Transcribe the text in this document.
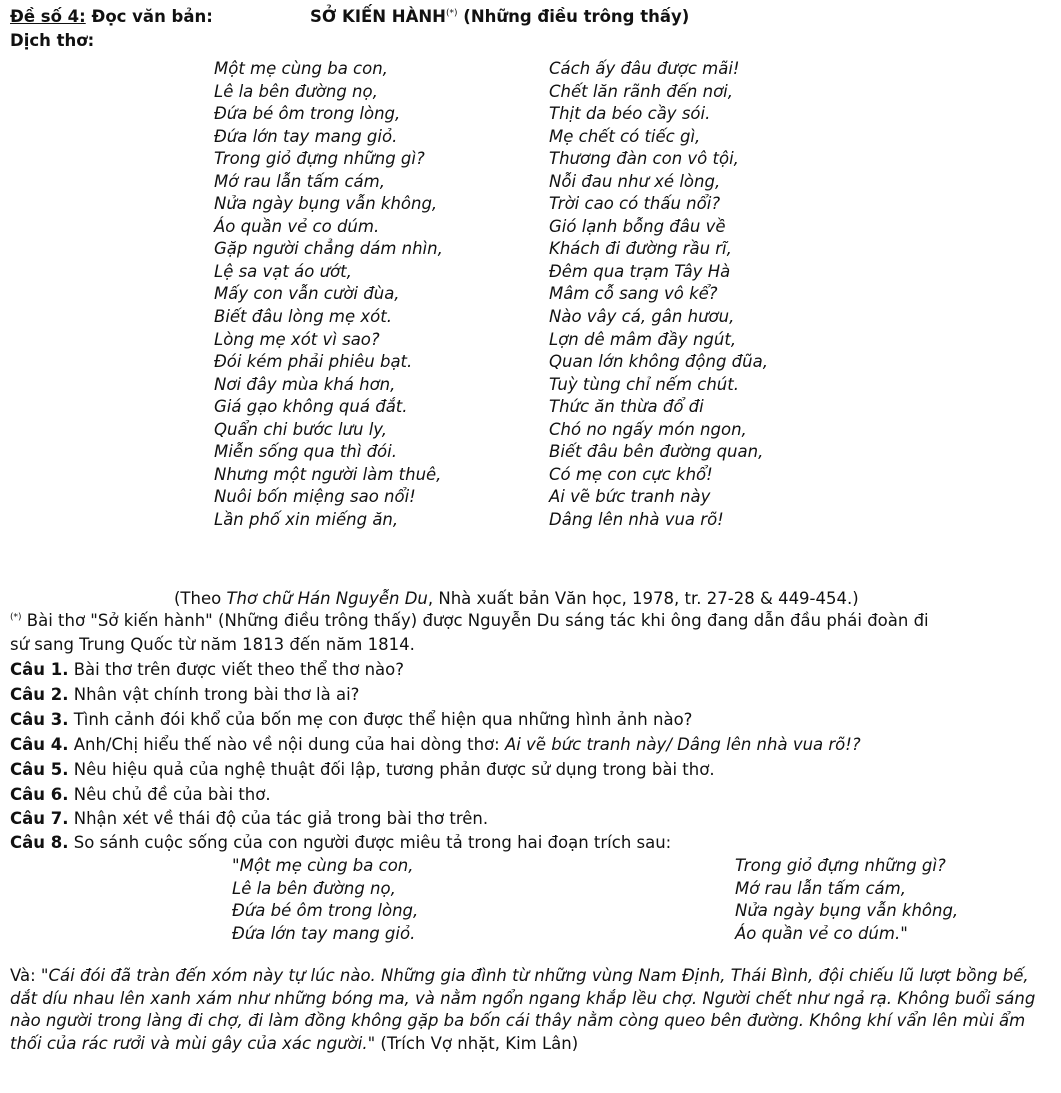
Đề số 4: Đọc văn bản:	SỞ KIẾN HÀNH(*) (Những điều trông thấy)
Dịch thơ:
Một mẹ cùng ba con,
Lê la bên đường nọ,
Đứa bé ôm trong lòng,
Đứa lớn tay mang giỏ.
Trong giỏ đựng những gì?
Mớ rau lẫn tấm cám,
Nửa ngày bụng vẫn không,
Áo quần vẻ co dúm.
Gặp người chẳng dám nhìn,
Lệ sa vạt áo ướt,
Mấy con vẫn cười đùa,
Biết đâu lòng mẹ xót.
Lòng mẹ xót vì sao?
Đói kém phải phiêu bạt.
Nơi đây mùa khá hơn,
Giá gạo không quá đắt.
Quẩn chi bước lưu ly,
Miễn sống qua thì đói.
Nhưng một người làm thuê,
Nuôi bốn miệng sao nổi!
Lần phố xin miếng ăn,
Cách ấy đâu được mãi!
Chết lăn rãnh đến nơi,
Thịt da béo cầy sói.
Mẹ chết có tiếc gì,
Thương đàn con vô tội,
Nỗi đau như xé lòng,
Trời cao có thấu nổi?
Gió lạnh bỗng đâu về
Khách đi đường rầu rĩ,
Đêm qua trạm Tây Hà
Mâm cỗ sang vô kể?
Nào vây cá, gân hươu,
Lợn dê mâm đầy ngút,
Quan lớn không động đũa,
Tuỳ tùng chỉ nếm chút.
Thức ăn thừa đổ đi
Chó no ngấy món ngon,
Biết đâu bên đường quan,
Có mẹ con cực khổ!
Ai vẽ bức tranh này
Dâng lên nhà vua rõ!
(Theo Thơ chữ Hán Nguyễn Du, Nhà xuất bản Văn học, 1978, tr. 27-28 & 449-454.)
(*) Bài thơ "Sở kiến hành" (Những điều trông thấy) được Nguyễn Du sáng tác khi ông đang dẫn đầu phái đoàn đi
sứ sang Trung Quốc từ năm 1813 đến năm 1814.
Câu 1. Bài thơ trên được viết theo thể thơ nào?
Câu 2. Nhân vật chính trong bài thơ là ai?
Câu 3. Tình cảnh đói khổ của bốn mẹ con được thể hiện qua những hình ảnh nào?
Câu 4. Anh/Chị hiểu thế nào về nội dung của hai dòng thơ: Ai vẽ bức tranh này/ Dâng lên nhà vua rõ!?
Câu 5. Nêu hiệu quả của nghệ thuật đối lập, tương phản được sử dụng trong bài thơ.
Câu 6. Nêu chủ đề của bài thơ.
Câu 7. Nhận xét về thái độ của tác giả trong bài thơ trên.
Câu 8. So sánh cuộc sống của con người được miêu tả trong hai đoạn trích sau:
"Một mẹ cùng ba con,
Lê la bên đường nọ,
Đứa bé ôm trong lòng,
Đứa lớn tay mang giỏ.
Trong giỏ đựng những gì?
Mớ rau lẫn tấm cám,
Nửa ngày bụng vẫn không,
Áo quần vẻ co dúm."
Và: "Cái đói đã tràn đến xóm này tự lúc nào. Những gia đình từ những vùng Nam Định, Thái Bình, đội chiếu lũ lượt bồng bế, dắt díu nhau lên xanh xám như những bóng ma, và nằm ngổn ngang khắp lều chợ. Người chết như ngả rạ. Không buổi sáng nào người trong làng đi chợ, đi làm đồng không gặp ba bốn cái thây nằm còng queo bên đường. Không khí vẩn lên mùi ẩm thối của rác rưởi và mùi gây của xác người." (Trích Vợ nhặt, Kim Lân)
